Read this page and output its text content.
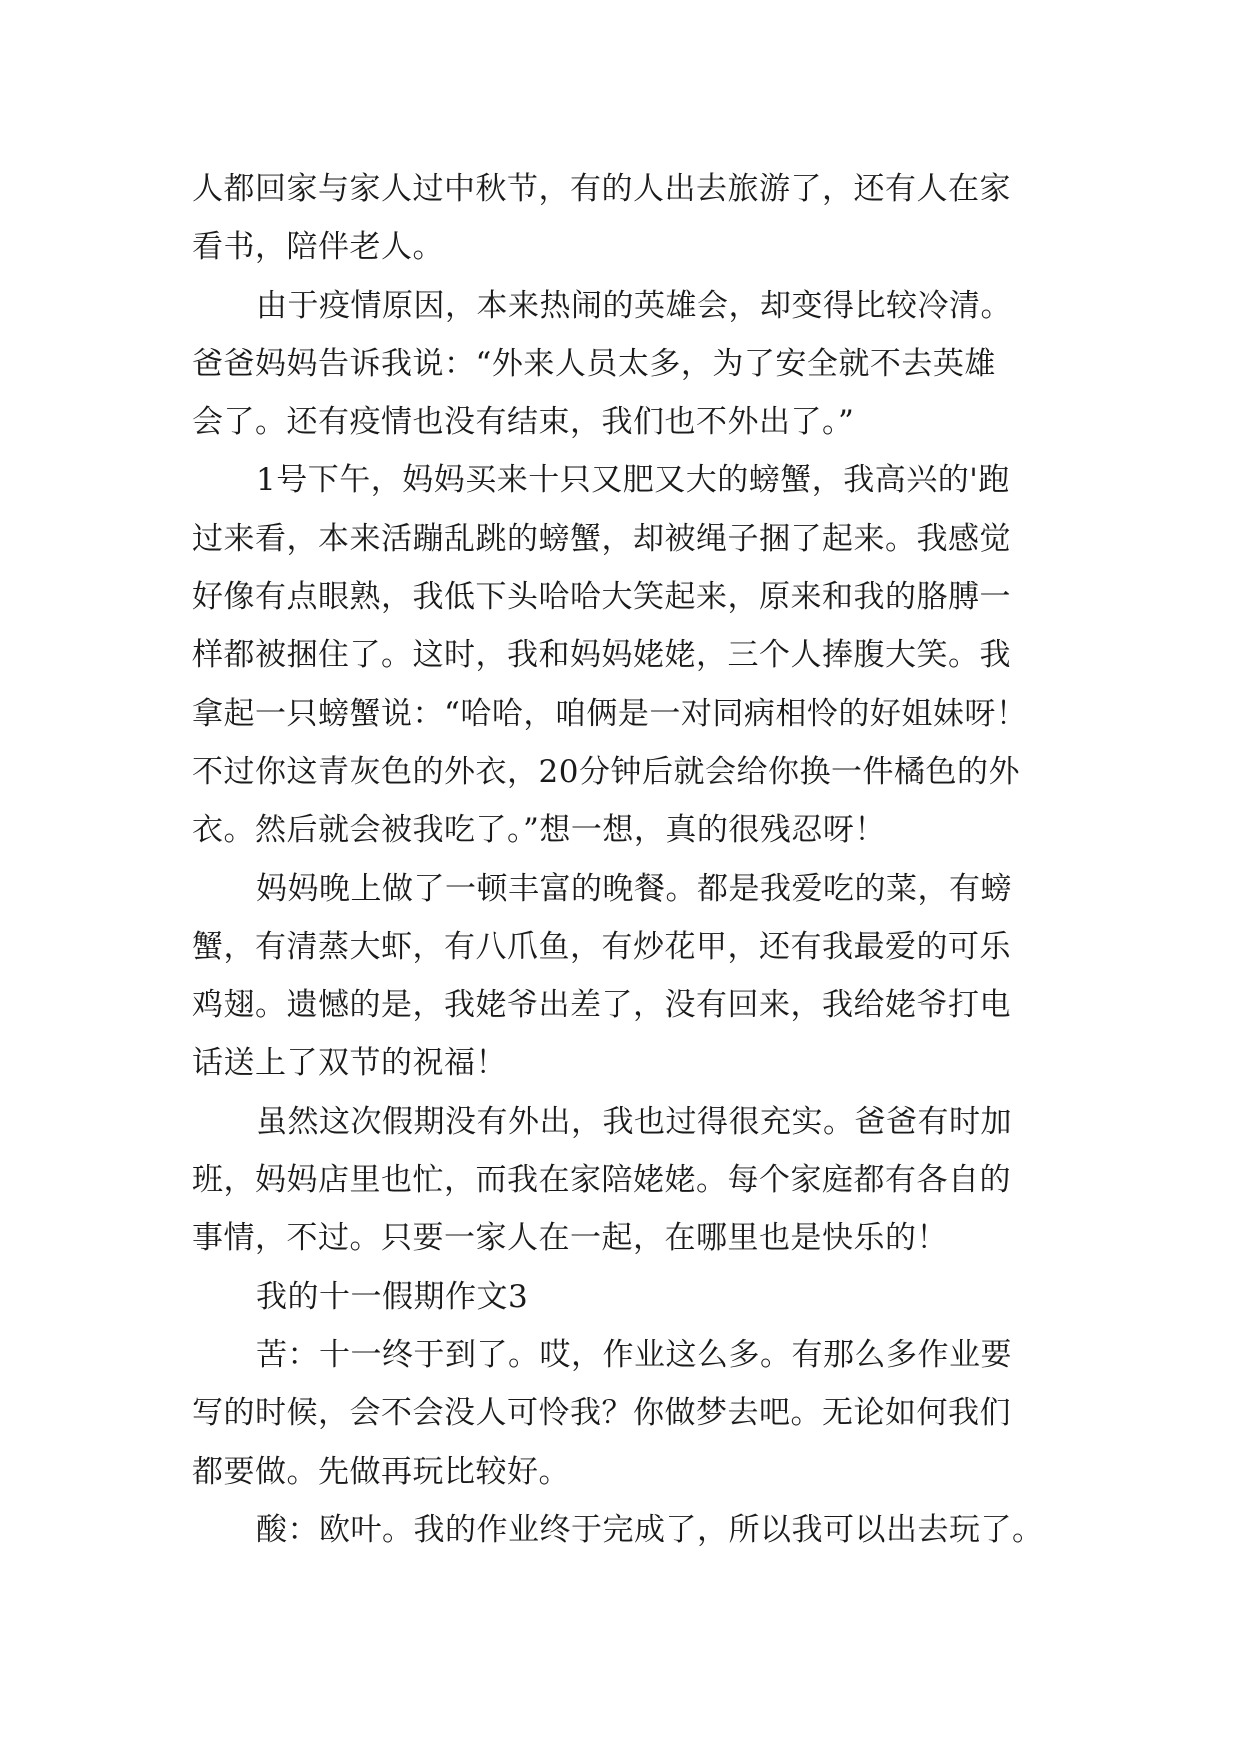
人都回家与家人过中秋节，有的人出去旅游了，还有人在家
看书，陪伴老人。
由于疫情原因，本来热闹的英雄会，却变得比较冷清。
爸爸妈妈告诉我说：“外来人员太多，为了安全就不去英雄
会了。还有疫情也没有结束，我们也不外出了。”
1号下午，妈妈买来十只又肥又大的螃蟹，我高兴的'跑
过来看，本来活蹦乱跳的螃蟹，却被绳子捆了起来。我感觉
好像有点眼熟，我低下头哈哈大笑起来，原来和我的胳膊一
样都被捆住了。这时，我和妈妈姥姥，三个人捧腹大笑。我
拿起一只螃蟹说：“哈哈，咱俩是一对同病相怜的好姐妹呀！
不过你这青灰色的外衣，20分钟后就会给你换一件橘色的外
衣。然后就会被我吃了。”想一想，真的很残忍呀！
妈妈晚上做了一顿丰富的晚餐。都是我爱吃的菜，有螃
蟹，有清蒸大虾，有八爪鱼，有炒花甲，还有我最爱的可乐
鸡翅。遗憾的是，我姥爷出差了，没有回来，我给姥爷打电
话送上了双节的祝福！
虽然这次假期没有外出，我也过得很充实。爸爸有时加
班，妈妈店里也忙，而我在家陪姥姥。每个家庭都有各自的
事情，不过。只要一家人在一起，在哪里也是快乐的！
我的十一假期作文3
苦：十一终于到了。哎，作业这么多。有那么多作业要
写的时候，会不会没人可怜我？你做梦去吧。无论如何我们
都要做。先做再玩比较好。
酸：欧叶。我的作业终于完成了，所以我可以出去玩了。
